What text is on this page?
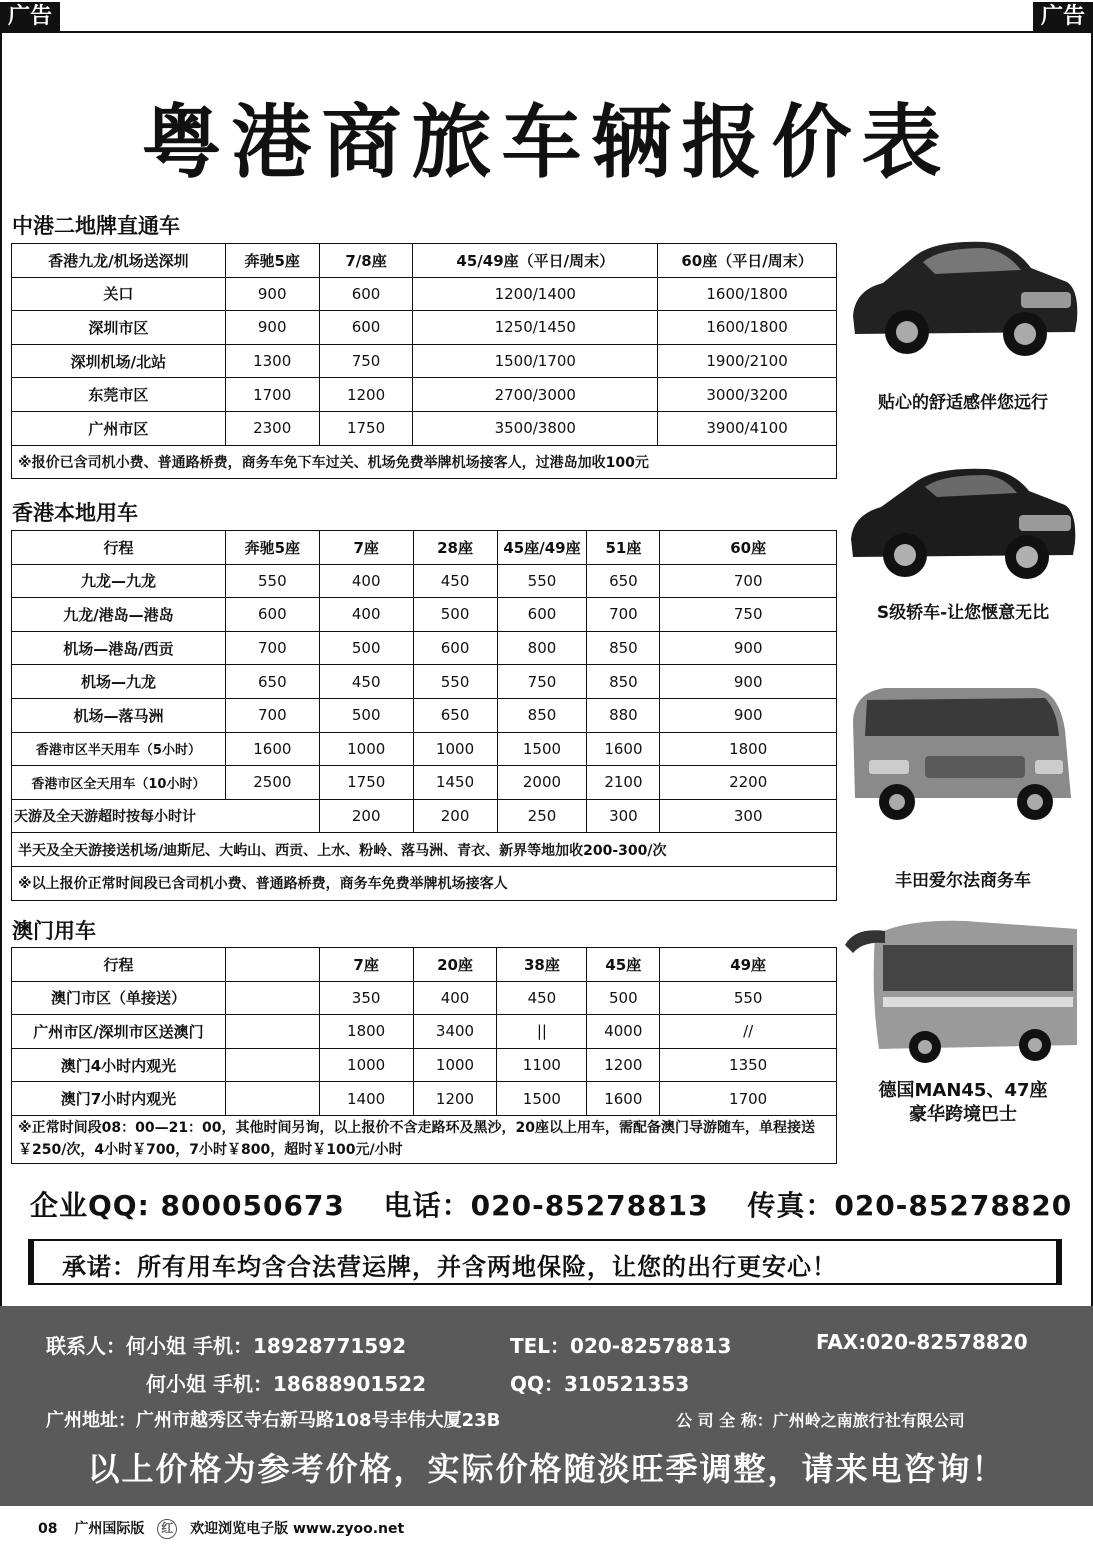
广告	广告
粤港商旅车辆报价表
中港二地牌直通车
香港九龙/机场送深圳	奔驰5座	7/8座	45/49座（平日/周末）	60座（平日/周末）
关口	900	600	1200/1400	1600/1800
深圳市区	900	600	1250/1450	1600/1800
深圳机场/北站	1300	750	1500/1700	1900/2100
东莞市区	1700	1200	2700/3000	3000/3200
广州市区	2300	1750	3500/3800	3900/4100
※报价已含司机小费、普通路桥费，商务车免下车过关、机场免费举牌机场接客人，过港岛加收100元				
香港本地用车
行程	奔驰5座	7座	28座	45座/49座	51座	60座
九龙—九龙	550	400	450	550	650	700
九龙/港岛—港岛	600	400	500	600	700	750
机场—港岛/西贡	700	500	600	800	850	900
机场—九龙	650	450	550	750	850	900
机场—落马洲	700	500	650	850	880	900
香港市区半天用车（5小时）	1600	1000	1000	1500	1600	1800
香港市区全天用车（10小时）	2500	1750	1450	2000	2100	2200
天游及全天游超时按每小时计		200	200	250	300	300
半天及全天游接送机场/迪斯尼、大屿山、西贡、上水、粉岭、落马洲、青衣、新界等地加收200-300/次						
※以上报价正常时间段已含司机小费、普通路桥费，商务车免费举牌机场接客人						
澳门用车
行程		7座	20座	38座	45座	49座
澳门市区（单接送）		350	400	450	500	550
广州市区/深圳市区送澳门		1800	3400	||	4000	//
澳门4小时内观光		1000	1000	1100	1200	1350
澳门7小时内观光		1400	1200	1500	1600	1700
※正常时间段08：00—21：00，其他时间另询，以上报价不含走路环及黑沙，20座以上用车，需配备澳门导游随车，单程接送￥250/次，4小时￥700，7小时￥800，超时￥100元/小时						
贴心的舒适感伴您远行
S级轿车-让您惬意无比
丰田爱尔法商务车
德国MAN45、47座
豪华跨境巴士
企业QQ: 800050673 电话：020-85278813 传真：020-85278820
承诺：所有用车均含合法营运牌，并含两地保险，让您的出行更安心！
联系人：何小姐 手机：18928771592	TEL：020-82578813	FAX:020-82578820
何小姐 手机：18688901522	QQ：310521353
广州地址：广州市越秀区寺右新马路108号丰伟大厦23B	公 司 全 称：广州岭之南旅行社有限公司
以上价格为参考价格，实际价格随淡旺季调整，请来电咨询！
08 广州国际版 红 欢迎浏览电子版 www.zyoo.net
